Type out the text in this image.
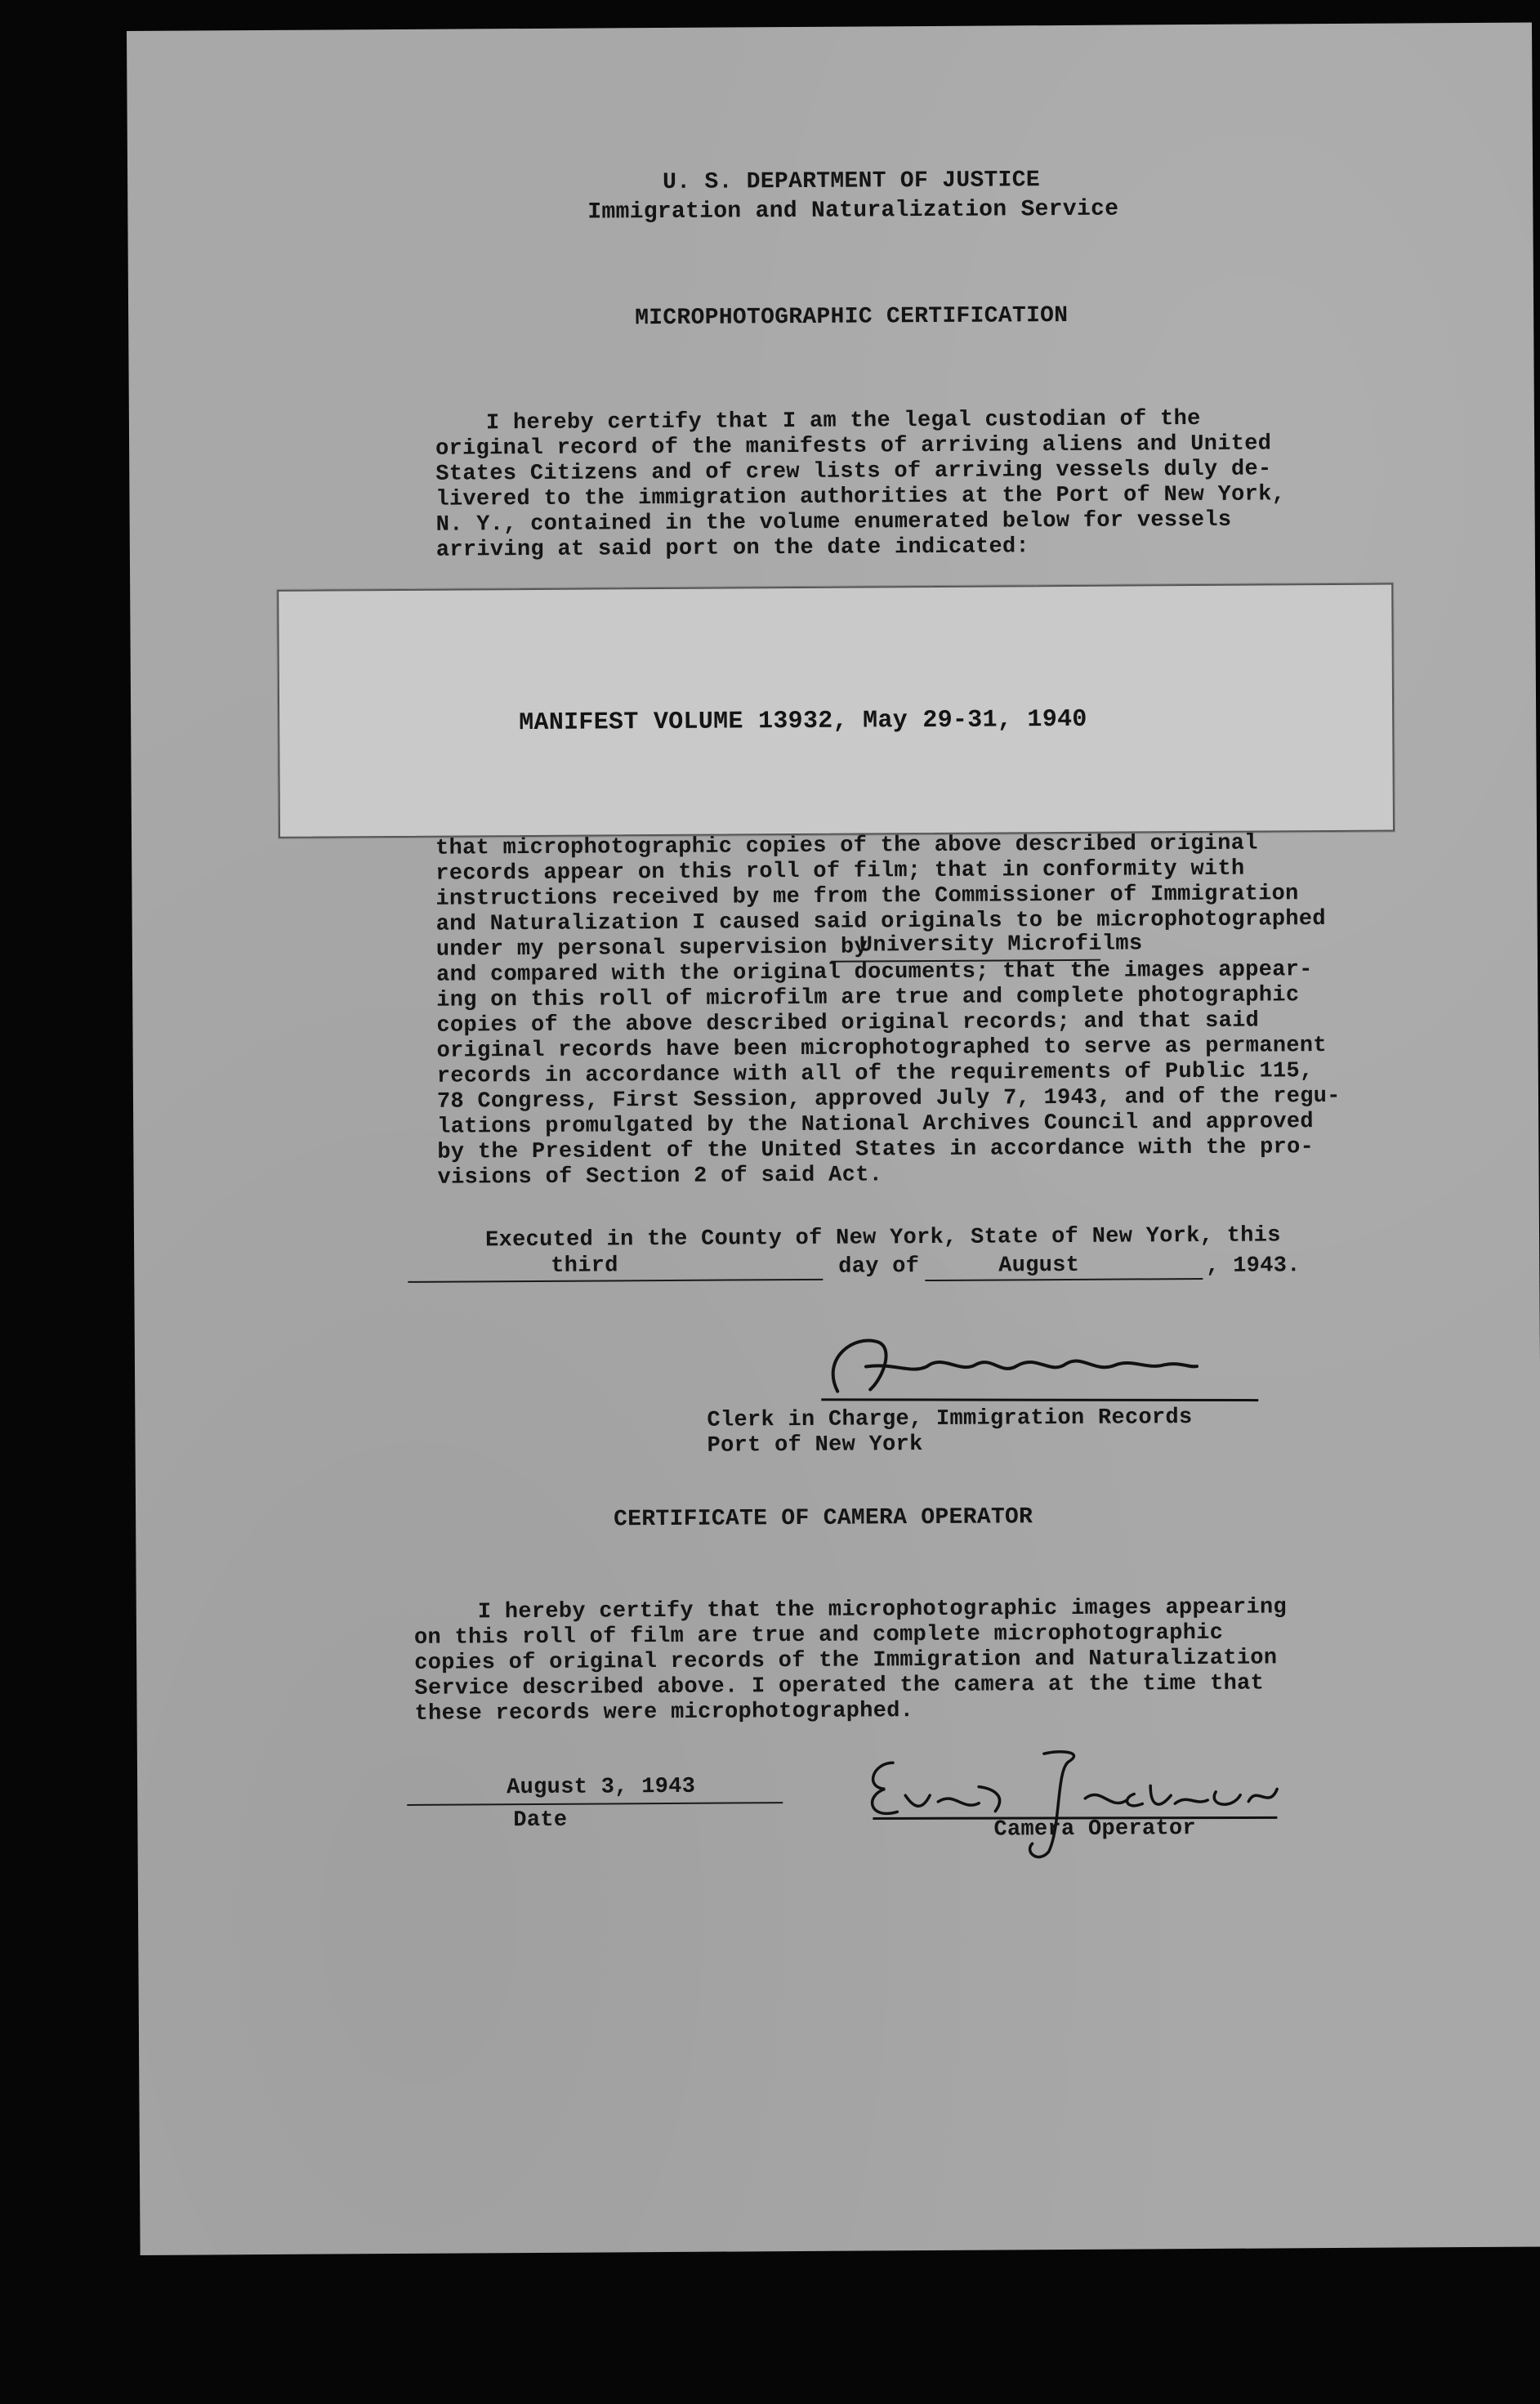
U. S. DEPARTMENT OF JUSTICE
Immigration and Naturalization Service
MICROPHOTOGRAPHIC CERTIFICATION
I hereby certify that I am the legal custodian of the
original record of the manifests of arriving aliens and United
States Citizens and of crew lists of arriving vessels duly de-
livered to the immigration authorities at the Port of New York,
N. Y., contained in the volume enumerated below for vessels
arriving at said port on the date indicated:
MANIFEST VOLUME 13932, May 29-31, 1940
that microphotographic copies of the above described original
records appear on this roll of film; that in conformity with
instructions received by me from the Commissioner of Immigration
and Naturalization I caused said originals to be microphotographed
under my personal supervision by
University Microfilms
and compared with the original documents; that the images appear-
ing on this roll of microfilm are true and complete photographic
copies of the above described original records; and that said
original records have been microphotographed to serve as permanent
records in accordance with all of the requirements of Public 115,
78 Congress, First Session, approved July 7, 1943, and of the regu-
lations promulgated by the National Archives Council and approved
by the President of the United States in accordance with the pro-
visions of Section 2 of said Act.
Executed in the County of New York, State of New York, this
third	day of	August	, 1943.
Clerk in Charge, Immigration Records
Port of New York
CERTIFICATE OF CAMERA OPERATOR
I hereby certify that the microphotographic images appearing
on this roll of film are true and complete microphotographic
copies of original records of the Immigration and Naturalization
Service described above. I operated the camera at the time that
these records were microphotographed.
August 3, 1943
Date	Camera Operator
